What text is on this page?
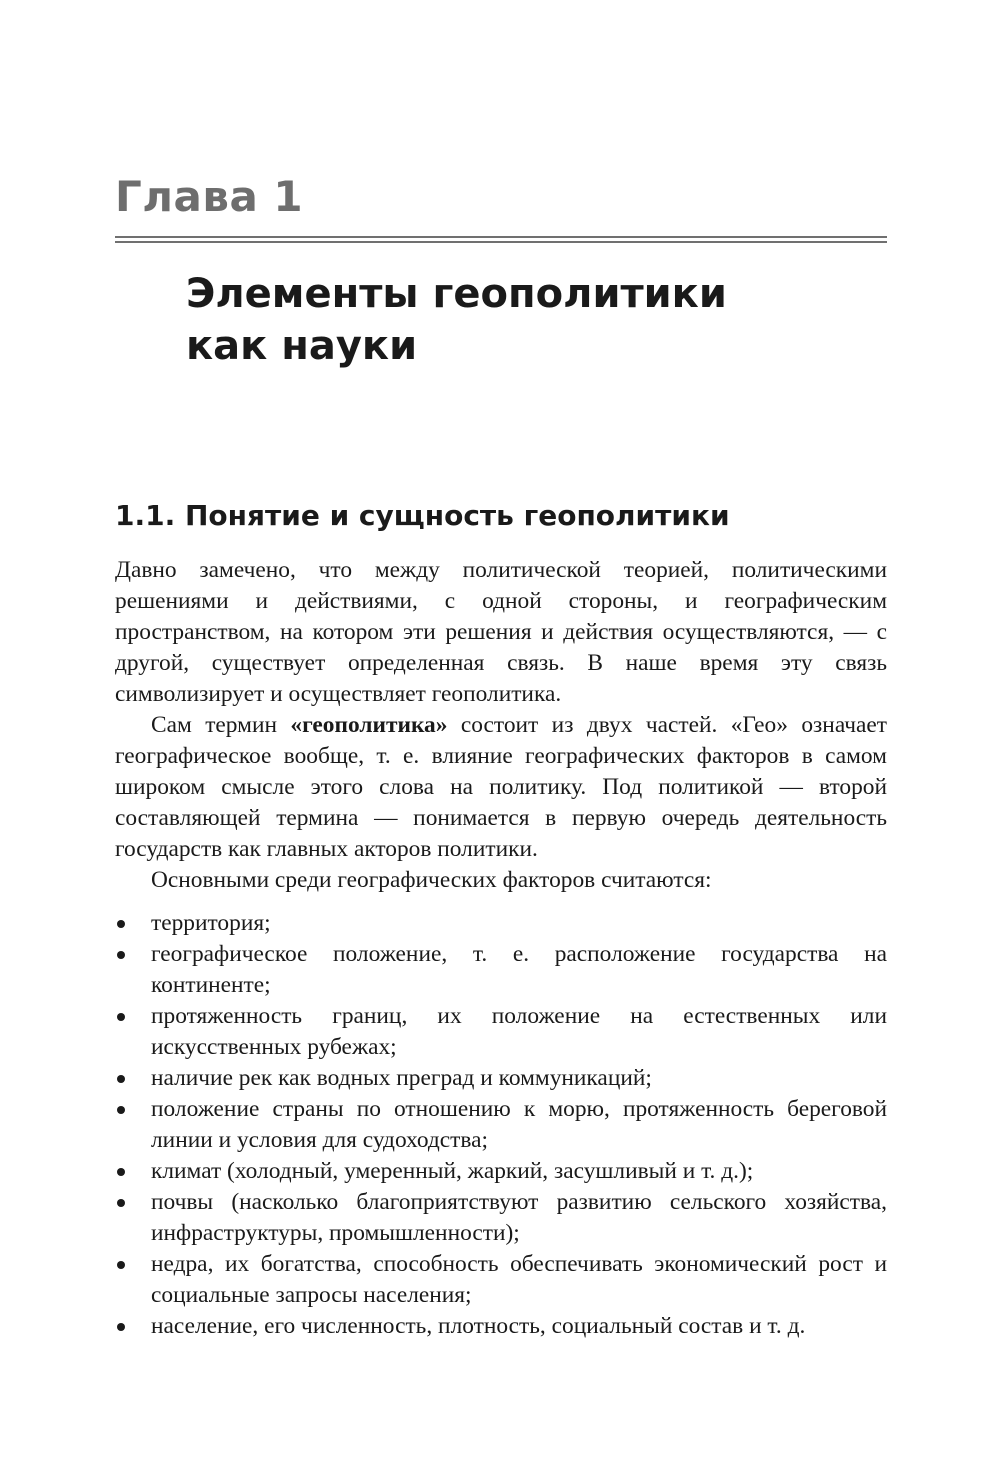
Глава 1
Элементы геополитики
как науки
1.1. Понятие и сущность геополитики

Давно замечено, что между политической теорией, политическими решениями и действиями, с одной стороны, и географическим пространством, на котором эти решения и действия осуществляются, — с другой, существует определенная связь. В наше время эту связь символизирует и осуществляет геополитика.

Сам термин «геополитика» состоит из двух частей. «Гео» означает географическое вообще, т. е. влияние географических факторов в самом широком смысле этого слова на политику. Под политикой — второй составляющей термина — понимается в первую очередь деятельность государств как главных акторов политики.

Основными среди географических факторов считаются:

территория;
географическое положение, т. е. расположение государства на континенте;
протяженность границ, их положение на естественных или искусственных рубежах;
наличие рек как водных преград и коммуникаций;
положение страны по отношению к морю, протяженность береговой линии и условия для судоходства;
климат (холодный, умеренный, жаркий, засушливый и т. д.);
почвы (насколько благоприятствуют развитию сельского хозяйства, инфраструктуры, промышленности);
недра, их богатства, способность обеспечивать экономический рост и социальные запросы населения;
население, его численность, плотность, социальный состав и т. д.
